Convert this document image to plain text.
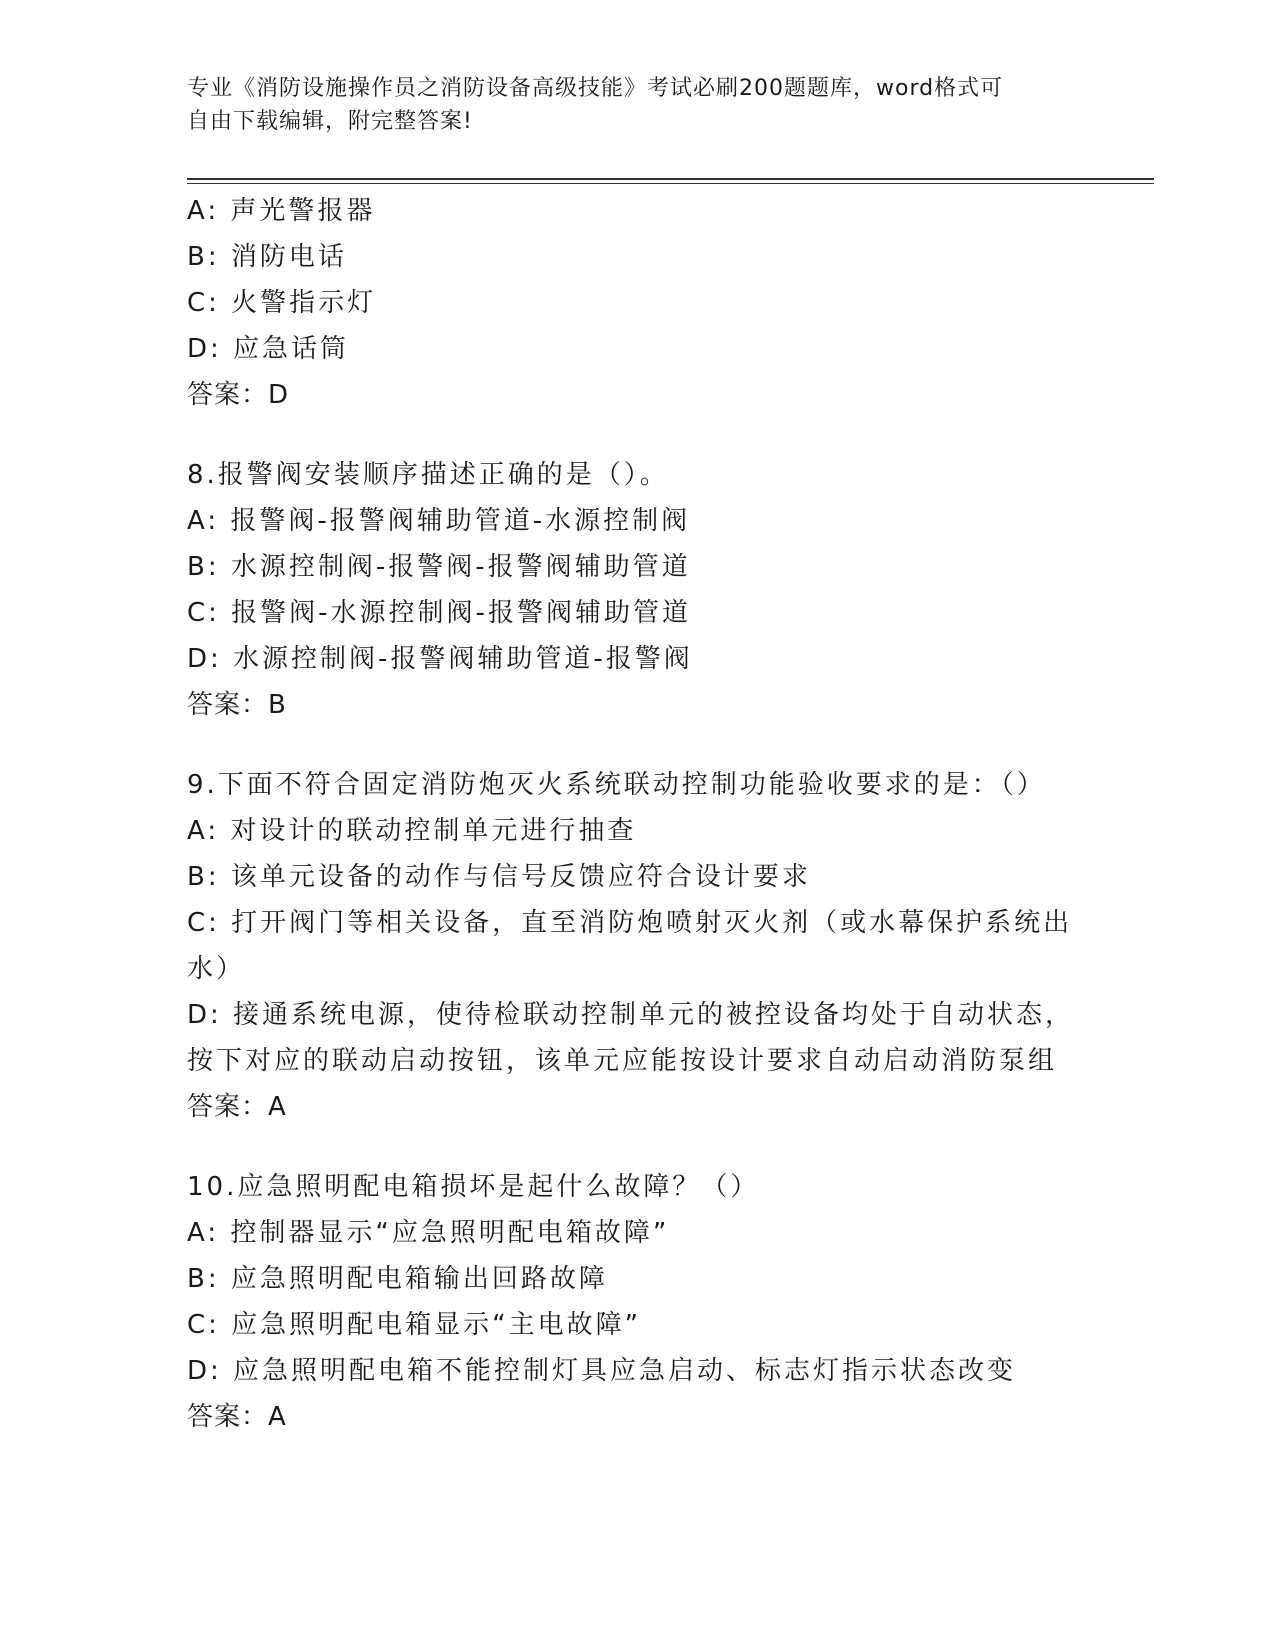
专业《消防设施操作员之消防设备高级技能》考试必刷200题题库，word格式可
自由下载编辑，附完整答案!

A: 声光警报器

B: 消防电话

C: 火警指示灯

D: 应急话筒

答案：D

8.报警阀安装顺序描述正确的是（）。

A: 报警阀-报警阀辅助管道-水源控制阀

B: 水源控制阀-报警阀-报警阀辅助管道

C: 报警阀-水源控制阀-报警阀辅助管道

D: 水源控制阀-报警阀辅助管道-报警阀

答案：B

9.下面不符合固定消防炮灭火系统联动控制功能验收要求的是：（）

A: 对设计的联动控制单元进行抽查

B: 该单元设备的动作与信号反馈应符合设计要求

C: 打开阀门等相关设备，直至消防炮喷射灭火剂（或水幕保护系统出水）

D: 接通系统电源，使待检联动控制单元的被控设备均处于自动状态，按下对应的联动启动按钮，该单元应能按设计要求自动启动消防泵组

答案：A

10.应急照明配电箱损坏是起什么故障？（）

A: 控制器显示“应急照明配电箱故障”

B: 应急照明配电箱输出回路故障

C: 应急照明配电箱显示“主电故障”

D: 应急照明配电箱不能控制灯具应急启动、标志灯指示状态改变

答案：A
